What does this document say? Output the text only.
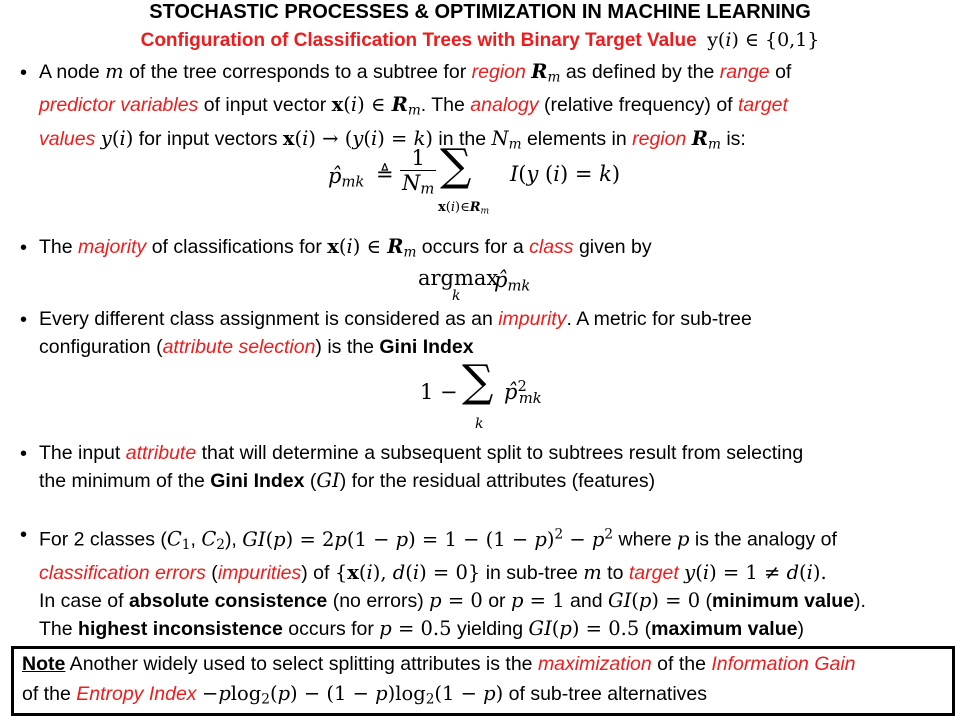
STOCHASTIC PROCESSES & OPTIMIZATION IN MACHINE LEARNING
Configuration of Classification Trees with Binary Target Value y(i) ∈ {0,1}
• A node m of the tree corresponds to a subtree for region $R_m$ as defined by the range of
predictor variables of input vector x(i) ∈ $R_m$. The analogy (relative frequency) of target
values y(i) for input vectors x(i) → (y(i) = k) in the $N_m$ elements in region $R_m$ is:
$p̂_{mk}$ ≜ $\frac{1}{N_m}$ ∑
$x(i)\in R_m$
I(y (i) = k)
• The majority of classifications for x(i) ∈ $R_m$ occurs for a class given by
argmax
k
$p̂_{mk}$
• Every different class assignment is considered as an impurity. A metric for sub-tree
configuration (attribute selection) is the Gini Index
1 − ∑
k
p̂$^2_{mk}$
• The input attribute that will determine a subsequent split to subtrees result from selecting
the minimum of the Gini Index (GI) for the residual attributes (features)
• For 2 classes ($C_1$, $C_2$), $GI(p) = 2p(1 - p) = 1 - (1 - p)^2 - p^2$ where p is the analogy of
classification errors (impurities) of {x(i), d(i) = 0} in sub-tree m to target y(i) = 1 ≠ d(i).
In case of absolute consistence (no errors) p = 0 or p = 1 and GI(p) = 0 (minimum value).
The highest inconsistence occurs for p = 0.5 yielding GI(p) = 0.5 (maximum value)
Note Another widely used to select splitting attributes is the maximization of the Information Gain
of the Entropy Index $-plog_2(p) - (1 - p)\log_2(1 - p)$ of sub-tree alternatives
